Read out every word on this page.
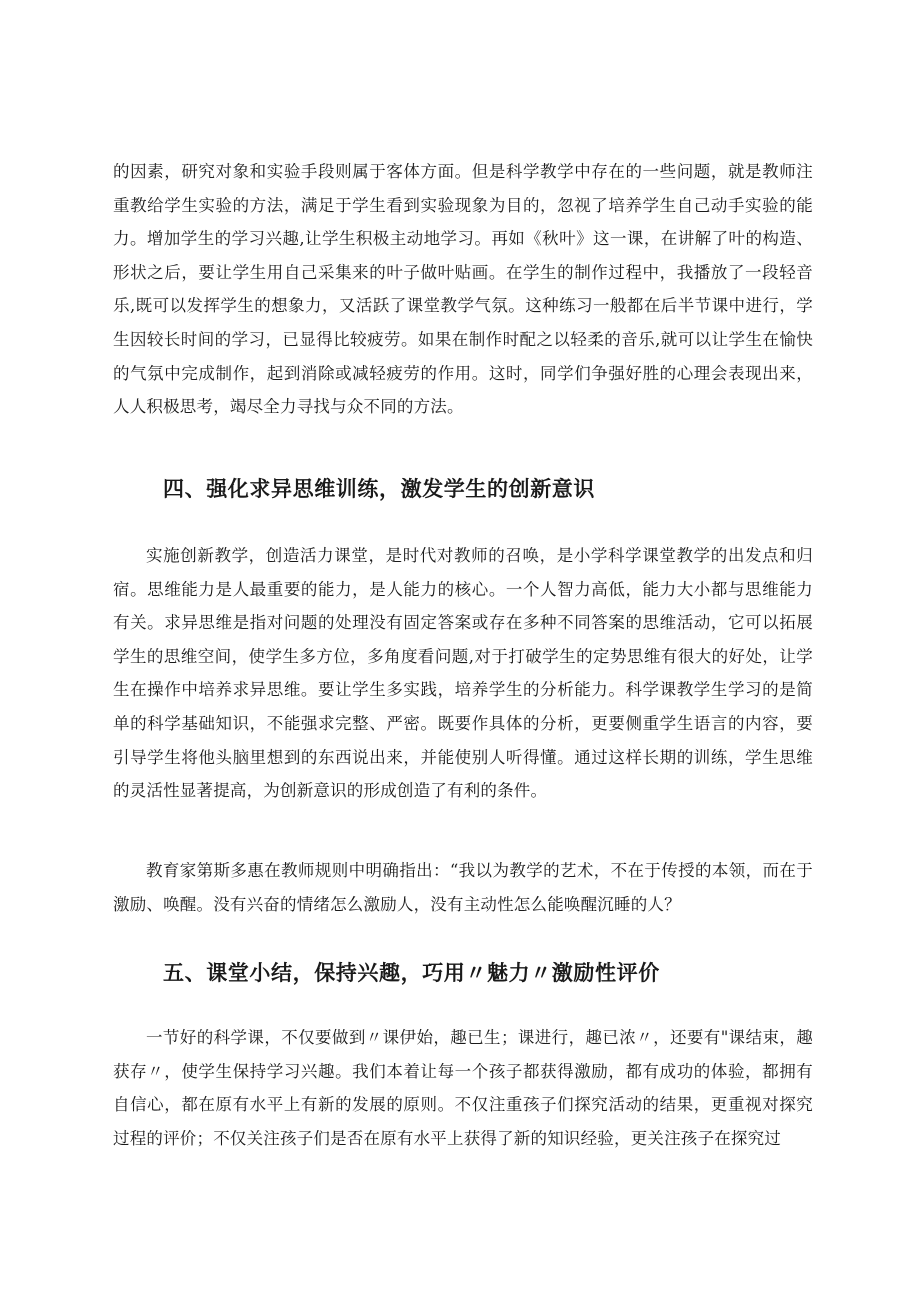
的因素，研究对象和实验手段则属于客体方面。但是科学教学中存在的一些问题，就是教师注重教给学生实验的方法，满足于学生看到实验现象为目的，忽视了培养学生自己动手实验的能力。增加学生的学习兴趣,让学生积极主动地学习。再如《秋叶》这一课，在讲解了叶的构造、形状之后，要让学生用自己采集来的叶子做叶贴画。在学生的制作过程中，我播放了一段轻音乐,既可以发挥学生的想象力，又活跃了课堂教学气氛。这种练习一般都在后半节课中进行，学生因较长时间的学习，已显得比较疲劳。如果在制作时配之以轻柔的音乐,就可以让学生在愉快的气氛中完成制作，起到消除或减轻疲劳的作用。这时，同学们争强好胜的心理会表现出来，人人积极思考，竭尽全力寻找与众不同的方法。

四、强化求异思维训练，激发学生的创新意识

实施创新教学，创造活力课堂，是时代对教师的召唤，是小学科学课堂教学的出发点和归宿。思维能力是人最重要的能力，是人能力的核心。一个人智力高低，能力大小都与思维能力有关。求异思维是指对问题的处理没有固定答案或存在多种不同答案的思维活动，它可以拓展学生的思维空间，使学生多方位，多角度看问题,对于打破学生的定势思维有很大的好处，让学生在操作中培养求异思维。要让学生多实践，培养学生的分析能力。科学课教学生学习的是简单的科学基础知识，不能强求完整、严密。既要作具体的分析，更要侧重学生语言的内容，要引导学生将他头脑里想到的东西说出来，并能使别人听得懂。通过这样长期的训练，学生思维的灵活性显著提高，为创新意识的形成创造了有利的条件。

教育家第斯多惠在教师规则中明确指出：“我以为教学的艺术，不在于传授的本领，而在于激励、唤醒。没有兴奋的情绪怎么激励人，没有主动性怎么能唤醒沉睡的人？

五、课堂小结，保持兴趣，巧用〃魅力〃激励性评价

一节好的科学课，不仅要做到〃课伊始，趣已生；课进行，趣已浓〃，还要有"课结束，趣获存〃，使学生保持学习兴趣。我们本着让每一个孩子都获得激励，都有成功的体验，都拥有自信心，都在原有水平上有新的发展的原则。不仅注重孩子们探究活动的结果，更重视对探究过程的评价；不仅关注孩子们是否在原有水平上获得了新的知识经验，更关注孩子在探究过
